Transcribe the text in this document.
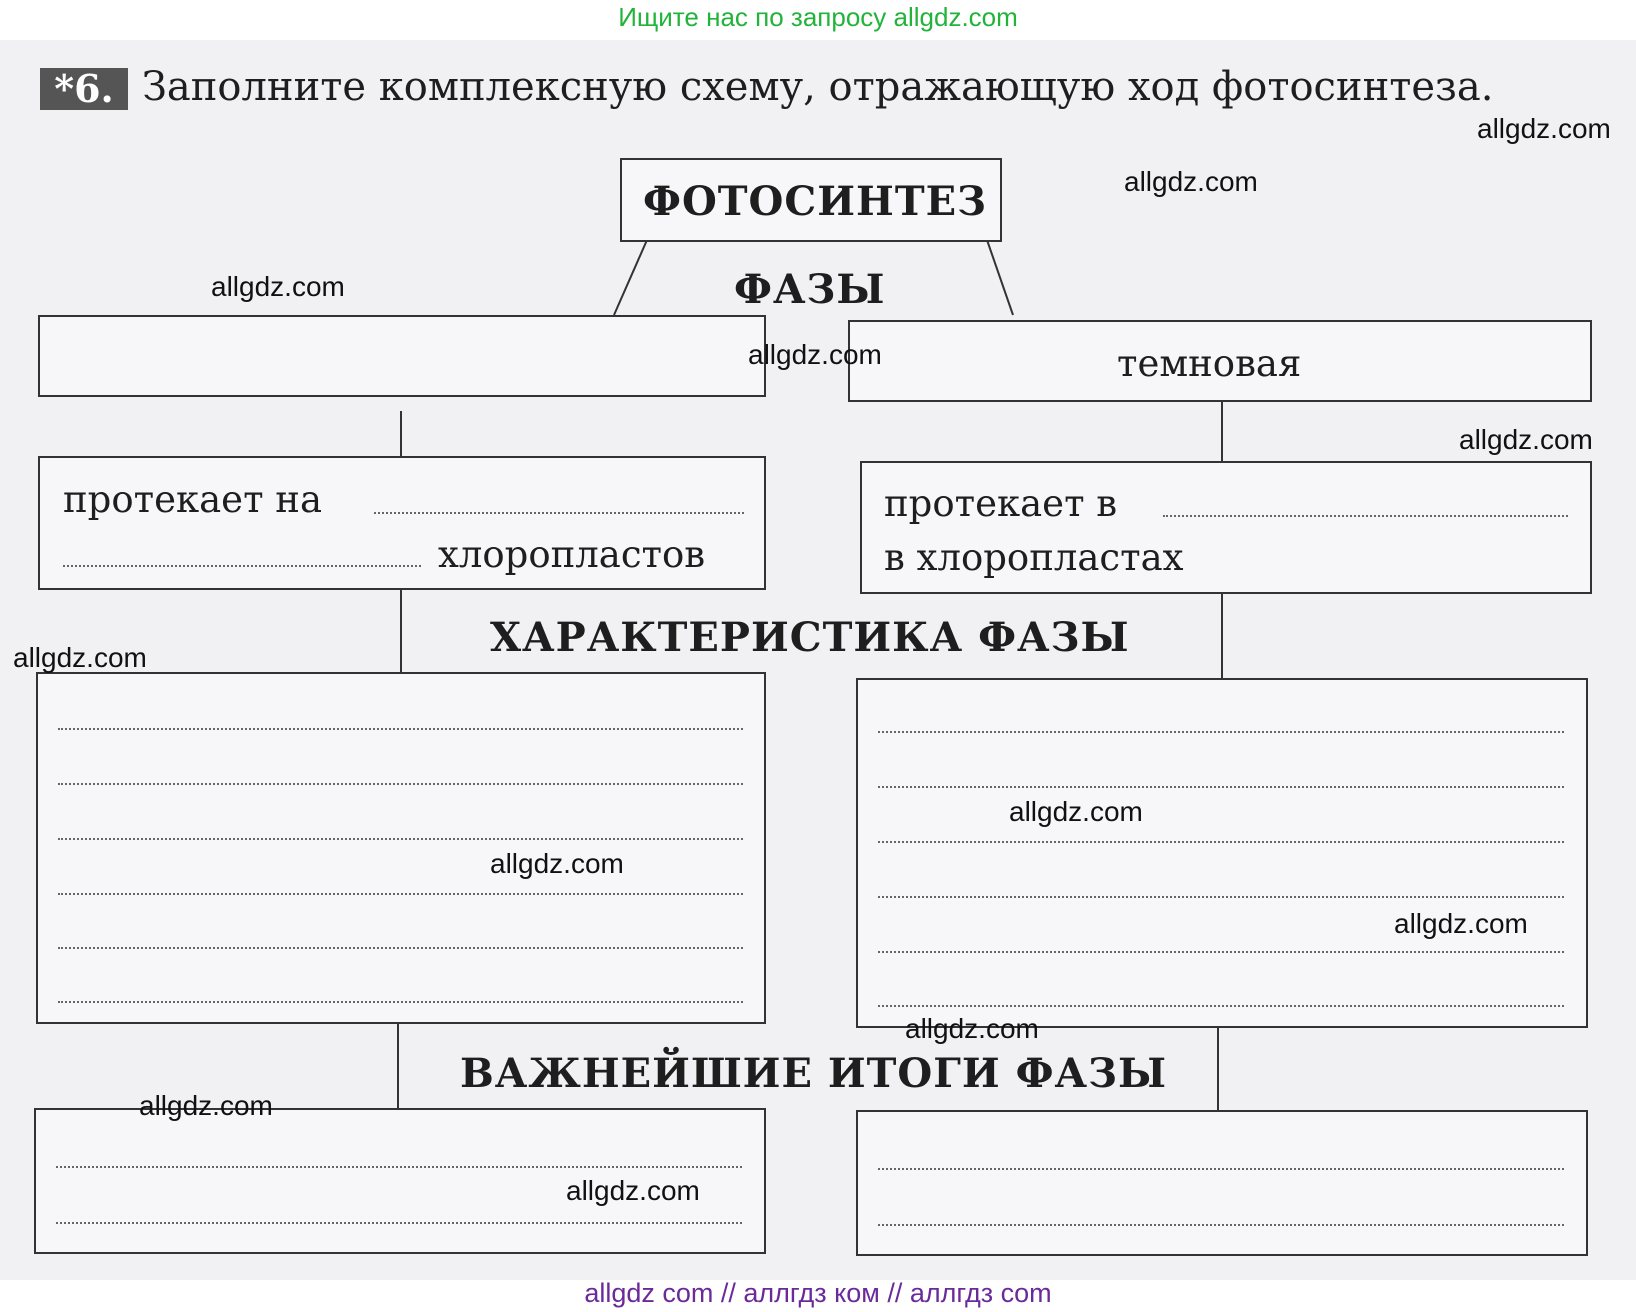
Ищите нас по запросу allgdz.com
*6. Заполните комплексную схему, отражающую ход фотосинтеза.
ФОТОСИНТЕЗ
ФАЗЫ
темновая
протекает на
хлоропластов
протекает в
в хлоропластах
ХАРАКТЕРИСТИКА ФАЗЫ
ВАЖНЕЙШИЕ ИТОГИ ФАЗЫ
allgdz.com
allgdz.com
allgdz.com
allgdz.com
allgdz.com
allgdz.com
allgdz.com
allgdz.com
allgdz.com
allgdz.com
allgdz.com
allgdz.com
allgdz com // аллгдз ком // аллгдз com
